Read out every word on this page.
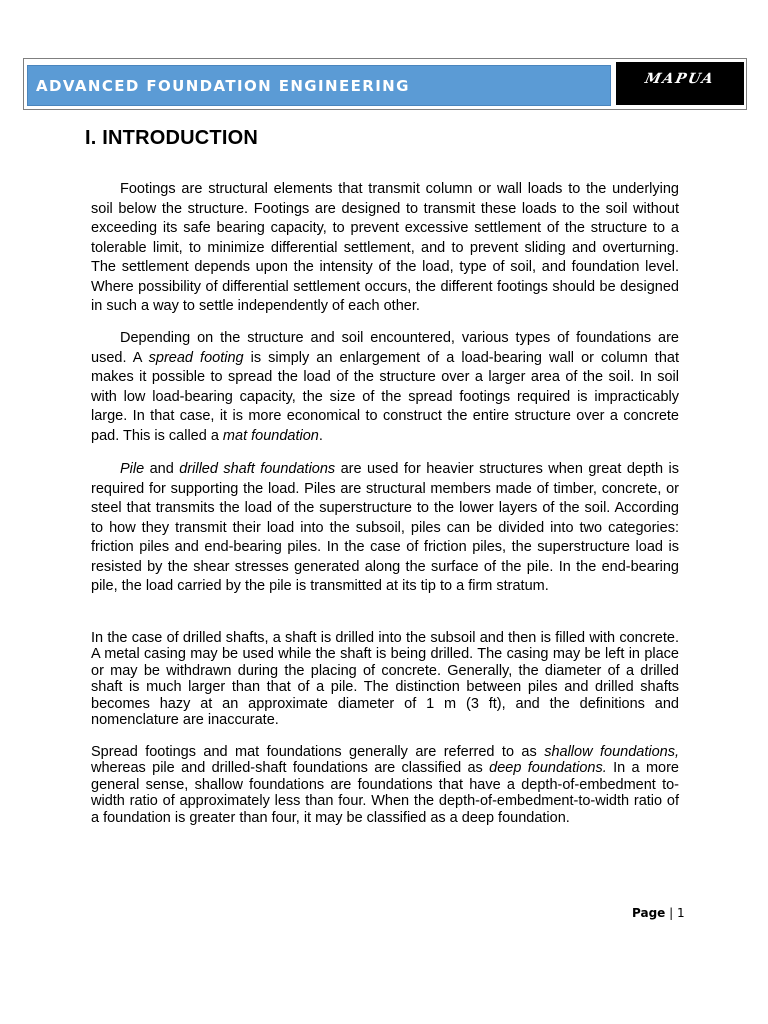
ADVANCED FOUNDATION ENGINEERING	MAPUA
I. INTRODUCTION

Footings are structural elements that transmit column or wall loads to the underlying soil below the structure. Footings are designed to transmit these loads to the soil without exceeding its safe bearing capacity, to prevent excessive settlement of the structure to a tolerable limit, to minimize differential settlement, and to prevent sliding and overturning. The settlement depends upon the intensity of the load, type of soil, and foundation level. Where possibility of differential settlement occurs, the different footings should be designed in such a way to settle independently of each other.

Depending on the structure and soil encountered, various types of foundations are used. A spread footing is simply an enlargement of a load-bearing wall or column that makes it possible to spread the load of the structure over a larger area of the soil. In soil with low load-bearing capacity, the size of the spread footings required is impracticably large. In that case, it is more economical to construct the entire structure over a concrete pad. This is called a mat foundation.

Pile and drilled shaft foundations are used for heavier structures when great depth is required for supporting the load. Piles are structural members made of timber, concrete, or steel that transmits the load of the superstructure to the lower layers of the soil. According to how they transmit their load into the subsoil, piles can be divided into two categories: friction piles and end-bearing piles. In the case of friction piles, the superstructure load is resisted by the shear stresses generated along the surface of the pile. In the end-bearing pile, the load carried by the pile is transmitted at its tip to a firm stratum.

In the case of drilled shafts, a shaft is drilled into the subsoil and then is filled with concrete. A metal casing may be used while the shaft is being drilled. The casing may be left in place or may be withdrawn during the placing of concrete. Generally, the diameter of a drilled shaft is much larger than that of a pile. The distinction between piles and drilled shafts becomes hazy at an approximate diameter of 1 m (3 ft), and the definitions and nomenclature are inaccurate.

Spread footings and mat foundations generally are referred to as shallow foundations, whereas pile and drilled-shaft foundations are classified as deep foundations. In a more general sense, shallow foundations are foundations that have a depth-of-embedment to-width ratio of approximately less than four. When the depth-of-embedment-to-width ratio of a foundation is greater than four, it may be classified as a deep foundation.

Page | 1
